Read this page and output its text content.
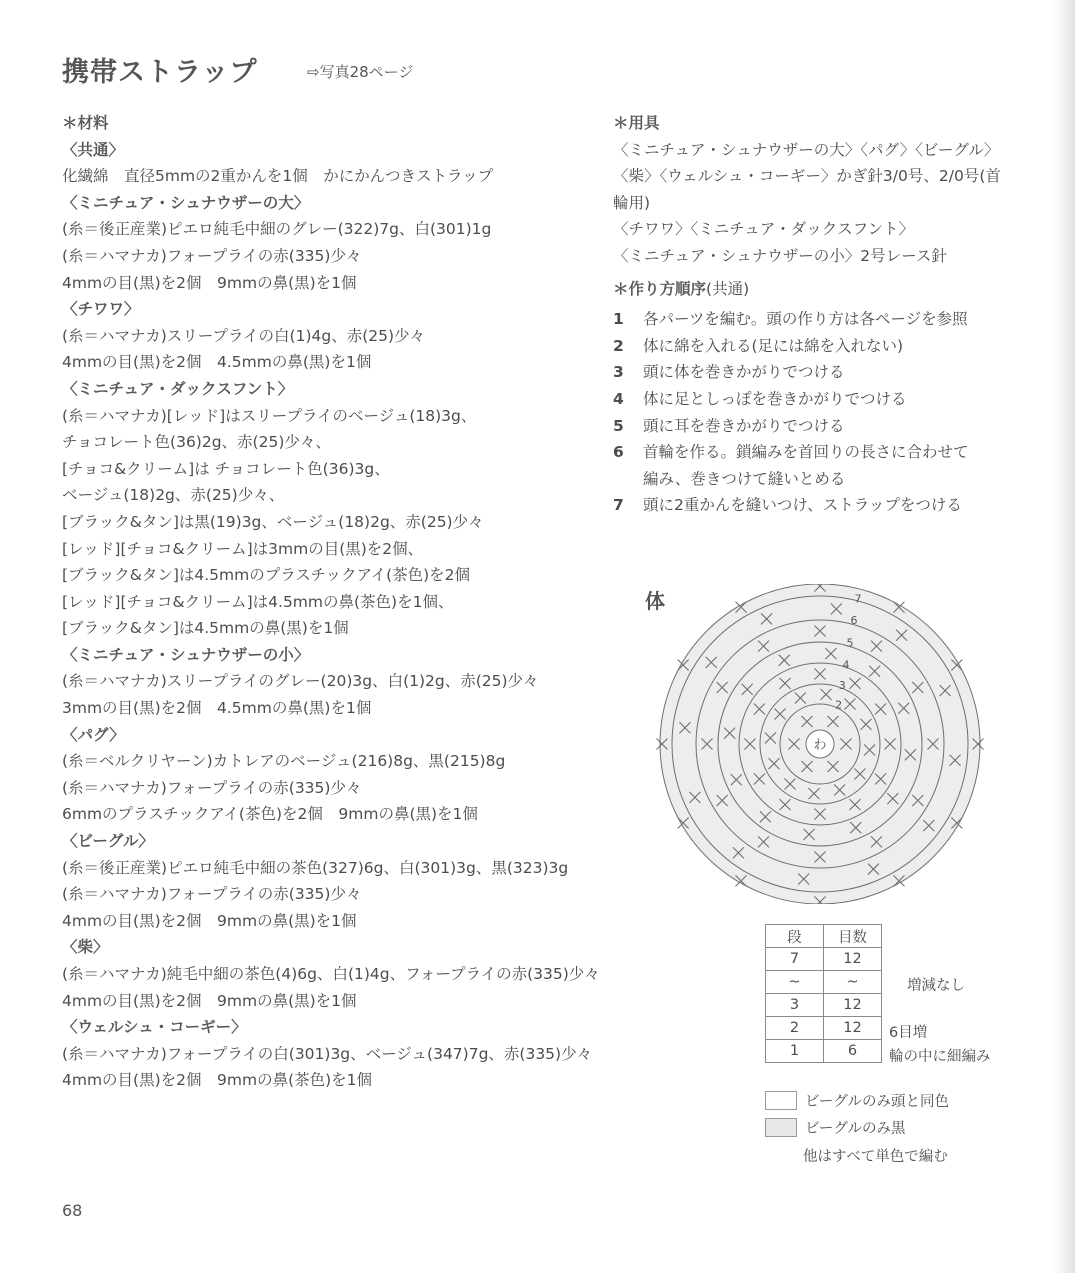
携帯ストラップ	⇨写真28ページ
＊材料
〈共通〉
化繊綿　直径5mmの2重かんを1個　かにかんつきストラップ
〈ミニチュア・シュナウザーの大〉
(糸＝後正産業)ピエロ純毛中細のグレー(322)7g、白(301)1g
(糸＝ハマナカ)フォープライの赤(335)少々
4mmの目(黒)を2個　9mmの鼻(黒)を1個
〈チワワ〉
(糸＝ハマナカ)スリープライの白(1)4g、赤(25)少々
4mmの目(黒)を2個　4.5mmの鼻(黒)を1個
〈ミニチュア・ダックスフント〉
(糸＝ハマナカ)[レッド]はスリープライのベージュ(18)3g、
チョコレート色(36)2g、赤(25)少々、
[チョコ&クリーム]は チョコレート色(36)3g、
ベージュ(18)2g、赤(25)少々、
[ブラック&タン]は黒(19)3g、ベージュ(18)2g、赤(25)少々
[レッド][チョコ&クリーム]は3mmの目(黒)を2個、
[ブラック&タン]は4.5mmのプラスチックアイ(茶色)を2個
[レッド][チョコ&クリーム]は4.5mmの鼻(茶色)を1個、
[ブラック&タン]は4.5mmの鼻(黒)を1個
〈ミニチュア・シュナウザーの小〉
(糸＝ハマナカ)スリープライのグレー(20)3g、白(1)2g、赤(25)少々
3mmの目(黒)を2個　4.5mmの鼻(黒)を1個
〈パグ〉
(糸＝ベルクリヤーン)カトレアのベージュ(216)8g、黒(215)8g
(糸＝ハマナカ)フォープライの赤(335)少々
6mmのプラスチックアイ(茶色)を2個　9mmの鼻(黒)を1個
〈ビーグル〉
(糸＝後正産業)ピエロ純毛中細の茶色(327)6g、白(301)3g、黒(323)3g
(糸＝ハマナカ)フォープライの赤(335)少々
4mmの目(黒)を2個　9mmの鼻(黒)を1個
〈柴〉
(糸＝ハマナカ)純毛中細の茶色(4)6g、白(1)4g、フォープライの赤(335)少々
4mmの目(黒)を2個　9mmの鼻(黒)を1個
〈ウェルシュ・コーギー〉
(糸＝ハマナカ)フォープライの白(301)3g、ベージュ(347)7g、赤(335)少々
4mmの目(黒)を2個　9mmの鼻(茶色)を1個
＊用具
〈ミニチュア・シュナウザーの大〉〈パグ〉〈ビーグル〉
〈柴〉〈ウェルシュ・コーギー〉かぎ針3/0号、2/0号(首
輪用)
〈チワワ〉〈ミニチュア・ダックスフント〉
〈ミニチュア・シュナウザーの小〉2号レース針
＊作り方順序(共通)
1	各パーツを編む。頭の作り方は各ページを参照
2	体に綿を入れる(足には綿を入れない)
3	頭に体を巻きかがりでつける
4	体に足としっぽを巻きかがりでつける
5	頭に耳を巻きかがりでつける
6	首輪を作る。鎖編みを首回りの長さに合わせて
編み、巻きつけて縫いとめる
7	頭に2重かんを縫いつけ、ストラップをつける
体
わ
2
3
4
5
6
7
段	目数
7	12
~	~
3	12
2	12
1	6
増減なし
6目増
輪の中に細編み
ビーグルのみ頭と同色
ビーグルのみ黒
他はすべて単色で編む
68
